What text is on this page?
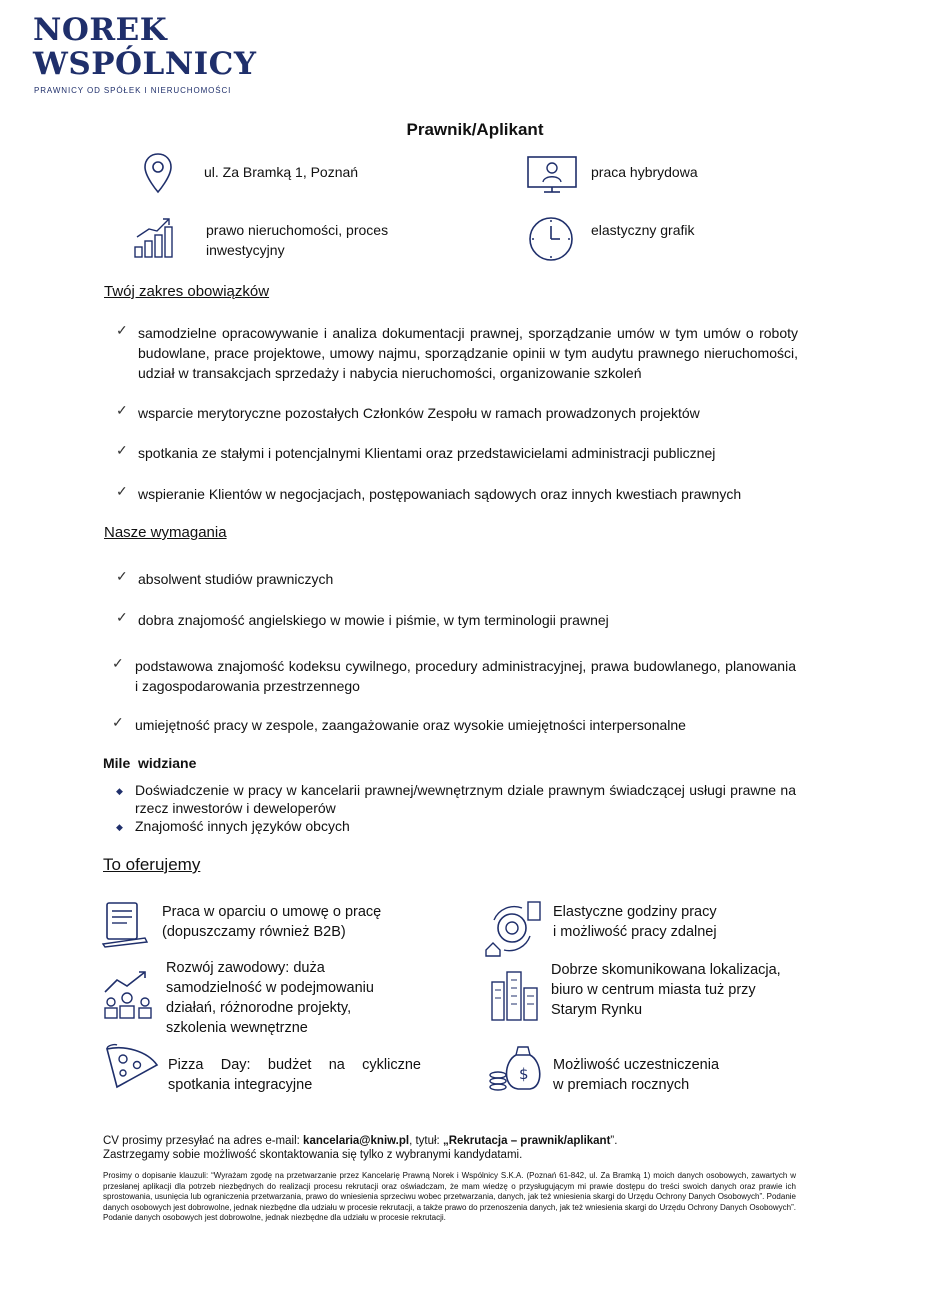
NOREK
WSPÓLNICY
PRAWNICY OD SPÓŁEK I NIERUCHOMOŚCI
Prawnik/Aplikant
ul. Za Bramką 1, Poznań	praca hybrydowa
prawo nieruchomości, proces
inwestycyjny
elastyczny grafik
Twój zakres obowiązków
✓ samodzielne opracowywanie i analiza dokumentacji prawnej, sporządzanie umów w tym umów o roboty budowlane, prace projektowe, umowy najmu, sporządzanie opinii w tym audytu prawnego nieruchomości, udział w transakcjach sprzedaży i nabycia nieruchomości, organizowanie szkoleń
✓ wsparcie merytoryczne pozostałych Członków Zespołu w ramach prowadzonych projektów
✓ spotkania ze stałymi i potencjalnymi Klientami oraz przedstawicielami administracji publicznej
✓ wspieranie Klientów w negocjacjach, postępowaniach sądowych oraz innych kwestiach prawnych
Nasze wymagania
✓ absolwent studiów prawniczych
✓ dobra znajomość angielskiego w mowie i piśmie, w tym terminologii prawnej
✓ podstawowa znajomość kodeksu cywilnego, procedury administracyjnej, prawa budowlanego, planowania i zagospodarowania przestrzennego
✓ umiejętność pracy w zespole, zaangażowanie oraz wysokie umiejętności interpersonalne
Mile  widziane
◆ Doświadczenie w pracy w kancelarii prawnej/wewnętrznym dziale prawnym świadczącej usługi prawne na rzecz inwestorów i deweloperów
◆ Znajomość innych języków obcych
To oferujemy
Praca w oparciu o umowę o pracę
(dopuszczamy również B2B)
Elastyczne godziny pracy
i możliwość pracy zdalnej
Rozwój zawodowy: duża samodzielność w podejmowaniu działań, różnorodne projekty, szkolenia wewnętrzne
Dobrze skomunikowana lokalizacja, biuro w centrum miasta tuż przy Starym Rynku
Pizza Day: budżet na cykliczne spotkania integracyjne
$ Możliwość uczestniczenia
w premiach rocznych
CV prosimy przesyłać na adres e-mail: kancelaria@kniw.pl, tytuł: „Rekrutacja – prawnik/aplikant”.
Zastrzegamy sobie możliwość skontaktowania się tylko z wybranymi kandydatami.
Prosimy o dopisanie klauzuli: “Wyrażam zgodę na przetwarzanie przez Kancelarię Prawną Norek i Wspólnicy S.K.A. (Poznań 61-842, ul. Za Bramką 1) moich danych osobowych, zawartych w przesłanej aplikacji dla potrzeb niezbędnych do realizacji procesu rekrutacji oraz oświadczam, że mam wiedzę o przysługującym mi prawie dostępu do treści swoich danych oraz prawie ich sprostowania, usunięcia lub ograniczenia przetwarzania, prawo do wniesienia sprzeciwu wobec przetwarzania, danych, jak też wniesienia skargi do Urzędu Ochrony Danych Osobowych”. Podanie danych osobowych jest dobrowolne, jednak niezbędne dla udziału w procesie rekrutacji, a także prawo do przenoszenia danych, jak też wniesienia skargi do Urzędu Ochrony Danych Osobowych”. Podanie danych osobowych jest dobrowolne, jednak niezbędne dla udziału w procesie rekrutacji.
